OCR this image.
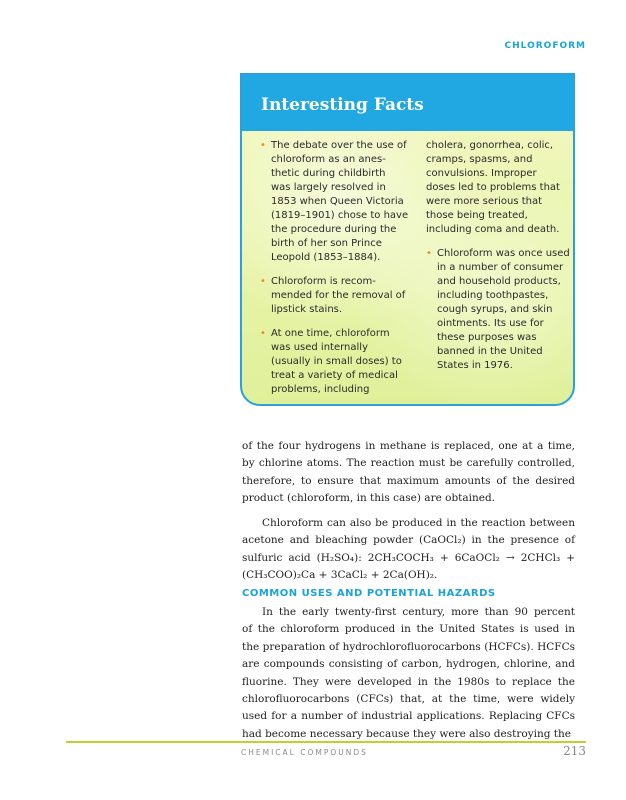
CHLOROFORM
Interesting Facts
• The debate over the use of
chloroform as an anes-
thetic during childbirth
was largely resolved in
1853 when Queen Victoria
(1819–1901) chose to have
the procedure during the
birth of her son Prince
Leopold (1853–1884).
• Chloroform is recom-
mended for the removal of
lipstick stains.
• At one time, chloroform
was used internally
(usually in small doses) to
treat a variety of medical
problems, including
cholera, gonorrhea, colic,
cramps, spasms, and
convulsions. Improper
doses led to problems that
were more serious that
those being treated,
including coma and death.
• Chloroform was once used
in a number of consumer
and household products,
including toothpastes,
cough syrups, and skin
ointments. Its use for
these purposes was
banned in the United
States in 1976.
of the four hydrogens in methane is replaced, one at a time,
by chlorine atoms. The reaction must be carefully controlled,
therefore, to ensure that maximum amounts of the desired
product (chloroform, in this case) are obtained.
Chloroform can also be produced in the reaction between
acetone and bleaching powder (CaOCl₂) in the presence of
sulfuric acid (H₂SO₄): 2CH₃COCH₃ + 6CaOCl₂ → 2CHCl₃ +
(CH₃COO)₂Ca + 3CaCl₂ + 2Ca(OH)₂.
COMMON USES AND POTENTIAL HAZARDS
In the early twenty-first century, more than 90 percent
of the chloroform produced in the United States is used in
the preparation of hydrochlorofluorocarbons (HCFCs). HCFCs
are compounds consisting of carbon, hydrogen, chlorine, and
fluorine. They were developed in the 1980s to replace the
chlorofluorocarbons (CFCs) that, at the time, were widely
used for a number of industrial applications. Replacing CFCs
had become necessary because they were also destroying the
CHEMICAL COMPOUNDS	213
